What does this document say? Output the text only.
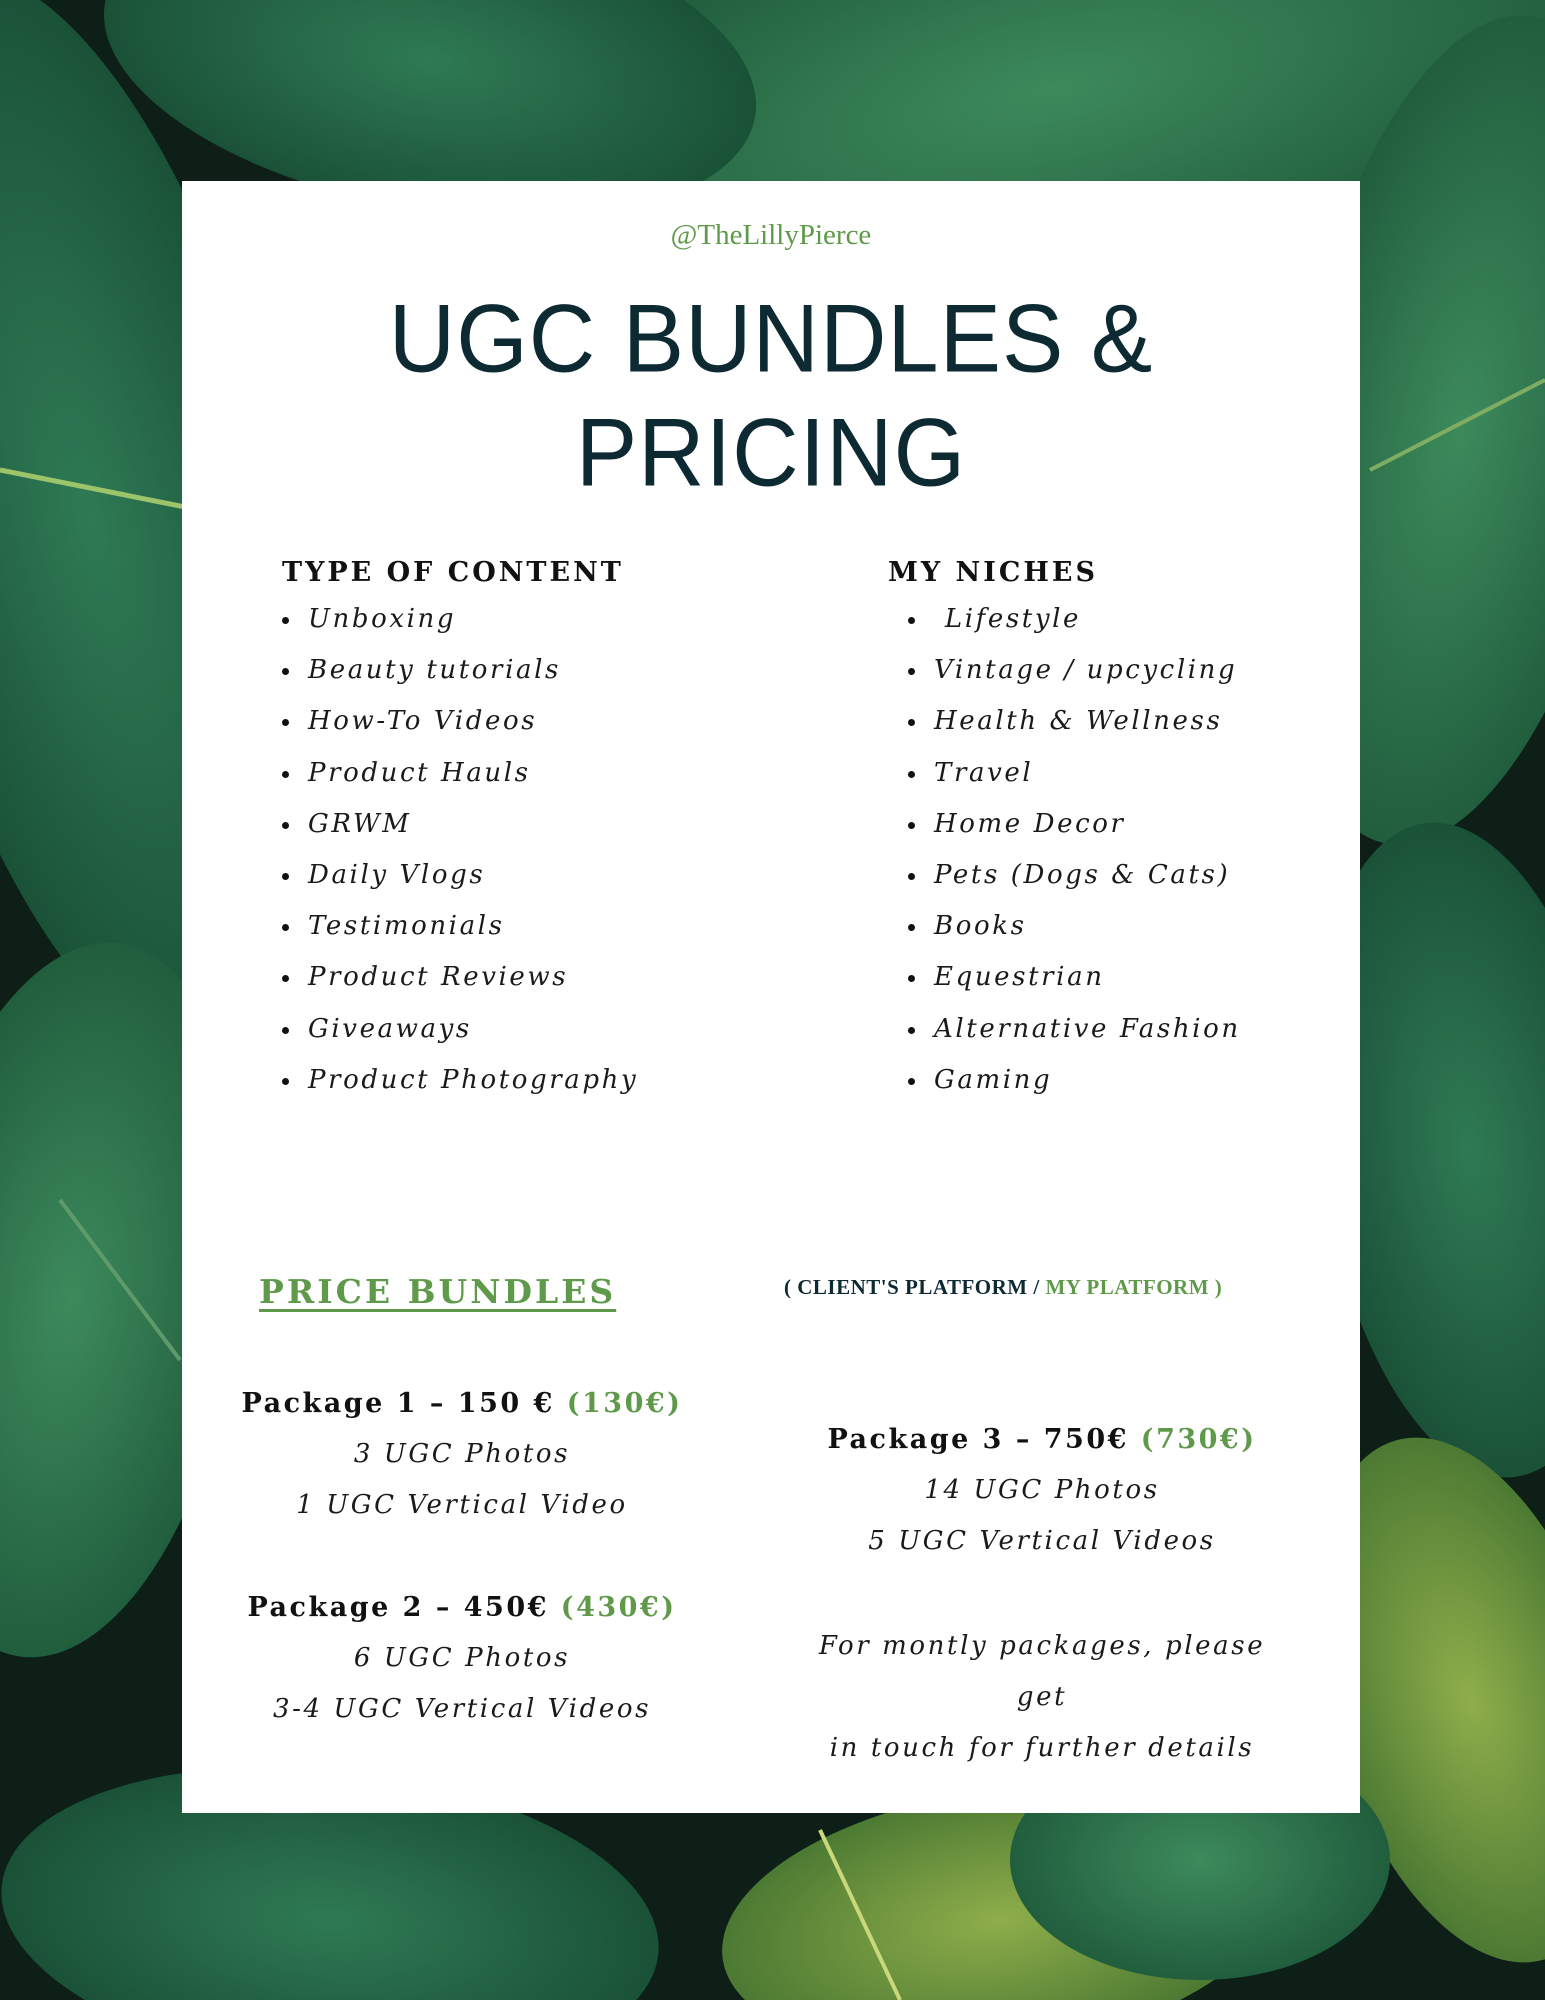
@TheLillyPierce
UGC BUNDLES &
PRICING
TYPE OF CONTENT
Unboxing
Beauty tutorials
How-To Videos
Product Hauls
GRWM
Daily Vlogs
Testimonials
Product Reviews
Giveaways
Product Photography
MY NICHES
Lifestyle
Vintage / upcycling
Health & Wellness
Travel
Home Decor
Pets (Dogs & Cats)
Books
Equestrian
Alternative Fashion
Gaming
PRICE BUNDLES	( CLIENT'S PLATFORM / MY PLATFORM )
Package 1 – 150 € (130€)
3 UGC Photos
1 UGC Vertical Video
Package 2 – 450€ (430€)
6 UGC Photos
3-4 UGC Vertical Videos
Package 3 – 750€ (730€)
14 UGC Photos
5 UGC Vertical Videos
For montly packages, please get
in touch for further details
